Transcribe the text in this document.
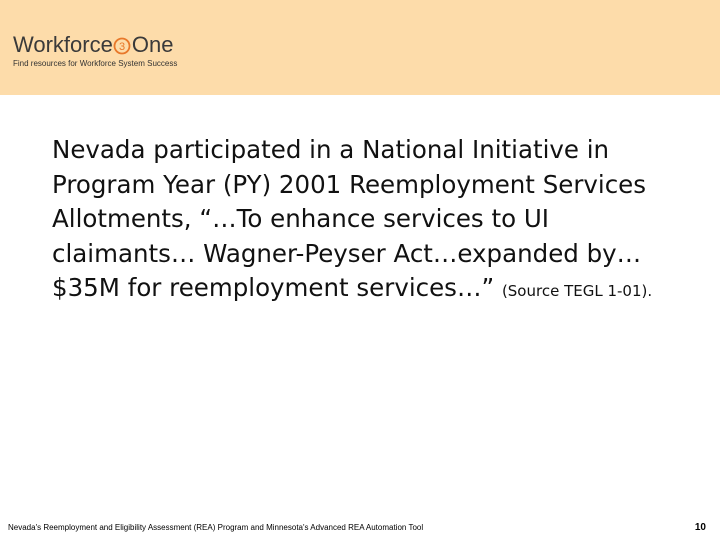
Workforce 3 One
Find resources for Workforce System Success
Nevada participated in a National Initiative in Program Year (PY) 2001 Reemployment Services Allotments, “…To enhance services to UI claimants… Wagner-Peyser Act…expanded by…$35M for reemployment services…” (Source TEGL 1-01).
Nevada's Reemployment and Eligibility Assessment (REA) Program and Minnesota's Advanced REA Automation Tool	10
